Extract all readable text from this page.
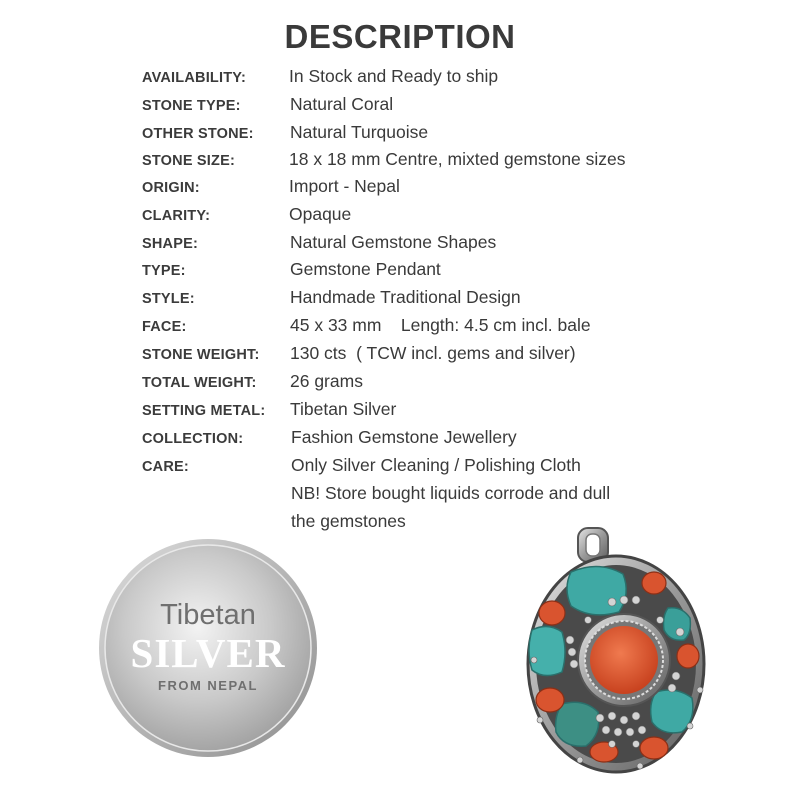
DESCRIPTION
AVAILABILITY: In Stock and Ready to ship
STONE TYPE:	Natural Coral
OTHER STONE: Natural Turquoise
STONE SIZE:	18 x 18 mm Centre, mixted gemstone sizes
ORIGIN:	Import - Nepal
CLARITY:	Opaque
SHAPE:	Natural Gemstone Shapes
TYPE:	Gemstone Pendant
STYLE:	Handmade Traditional Design
FACE:	45 x 33 mm    Length: 4.5 cm incl. bale
STONE WEIGHT: 130 cts  ( TCW incl. gems and silver)
TOTAL WEIGHT: 26 grams
SETTING METAL: Tibetan Silver
COLLECTION:	Fashion Gemstone Jewellery
CARE:	Only Silver Cleaning / Polishing Cloth
NB! Store bought liquids corrode and dull
the gemstones
Tibetan
SILVER
FROM NEPAL
